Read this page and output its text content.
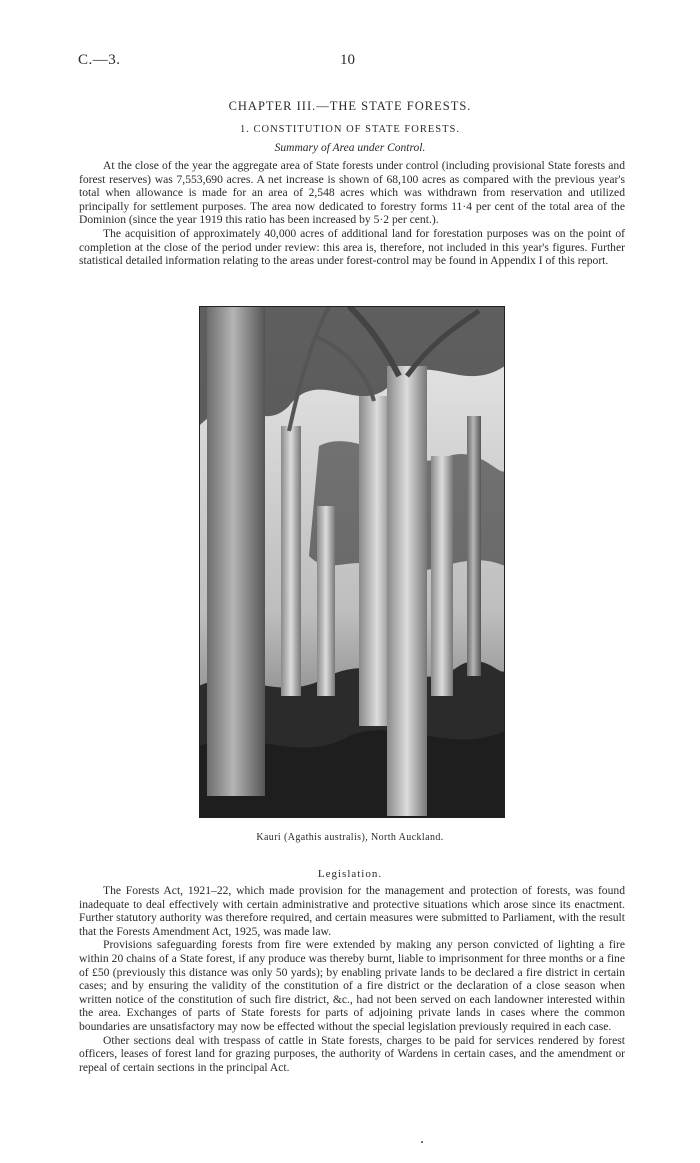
C.—3.	10
CHAPTER III.—THE STATE FORESTS.
1. CONSTITUTION OF STATE FORESTS.
Summary of Area under Control.

At the close of the year the aggregate area of State forests under control (including provisional State forests and forest reserves) was 7,553,690 acres. A net increase is shown of 68,100 acres as compared with the previous year's total when allowance is made for an area of 2,548 acres which was withdrawn from reservation and utilized principally for settlement purposes. The area now dedicated to forestry forms 11·4 per cent of the total area of the Dominion (since the year 1919 this ratio has been increased by 5·2 per cent.).

The acquisition of approximately 40,000 acres of additional land for forestation purposes was on the point of completion at the close of the period under review: this area is, therefore, not included in this year's figures. Further statistical detailed information relating to the areas under forest-control may be found in Appendix I of this report.

Kauri (Agathis australis), North Auckland.
Legislation.

The Forests Act, 1921–22, which made provision for the management and protection of forests, was found inadequate to deal effectively with certain administrative and protective situations which arose since its enactment. Further statutory authority was therefore required, and certain measures were submitted to Parliament, with the result that the Forests Amendment Act, 1925, was made law.

Provisions safeguarding forests from fire were extended by making any person convicted of lighting a fire within 20 chains of a State forest, if any produce was thereby burnt, liable to imprisonment for three months or a fine of £50 (previously this distance was only 50 yards); by enabling private lands to be declared a fire district in certain cases; and by ensuring the validity of the constitution of a fire district or the declaration of a close season when written notice of the constitution of such fire district, &c., had not been served on each landowner interested within the area. Exchanges of parts of State forests for parts of adjoining private lands in cases where the common boundaries are unsatisfactory may now be effected without the special legislation previously required in each case.

Other sections deal with trespass of cattle in State forests, charges to be paid for services rendered by forest officers, leases of forest land for grazing purposes, the authority of Wardens in certain cases, and the amendment or repeal of certain sections in the principal Act.
